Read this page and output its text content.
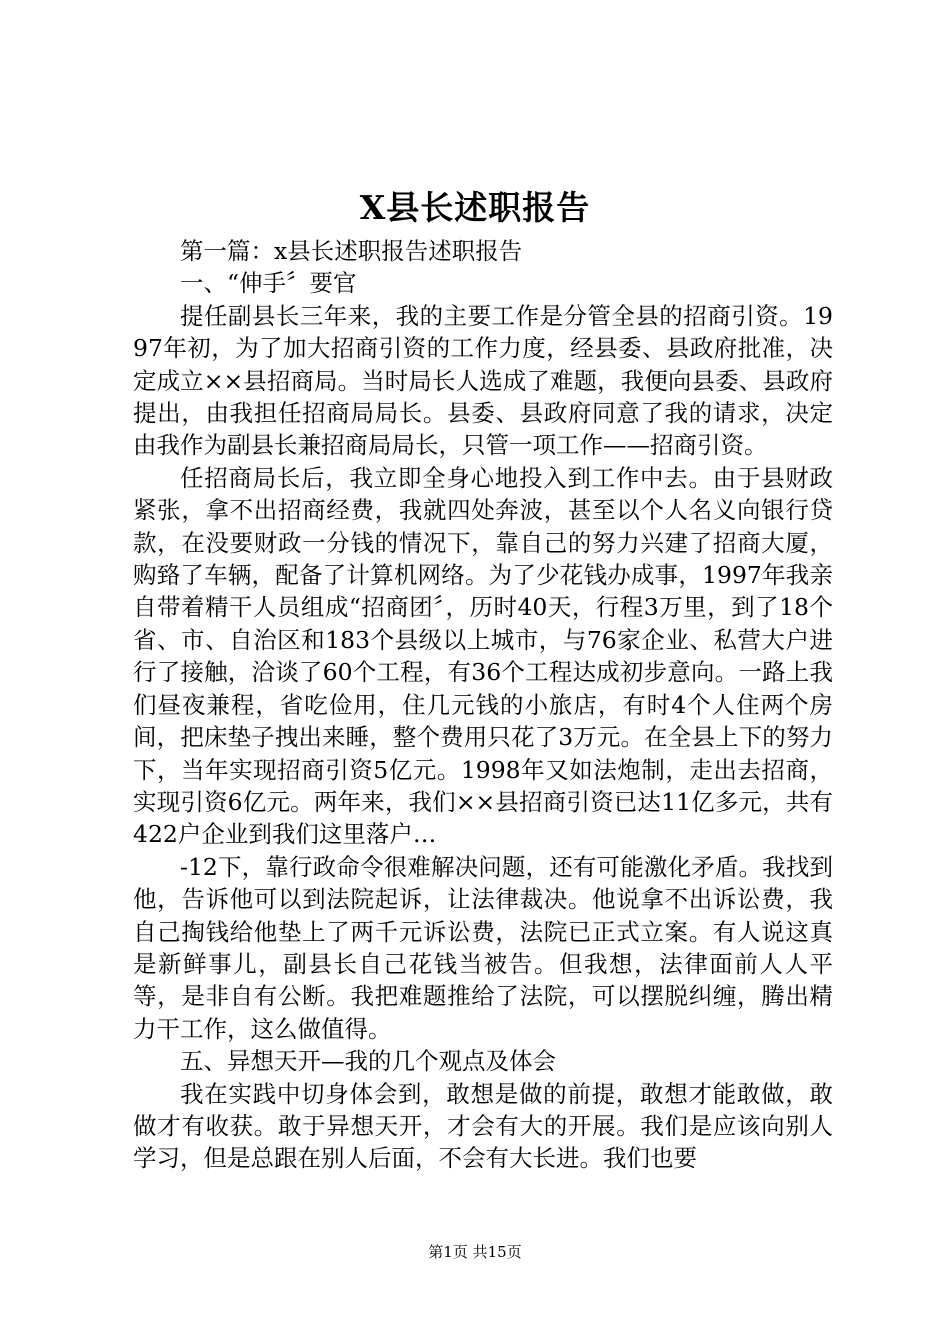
X县长述职报告

第一篇：x县长述职报告述职报告

一、“伸手〞要官

提任副县长三年来，我的主要工作是分管全县的招商引资。1997年初，为了加大招商引资的工作力度，经县委、县政府批准，决定成立××县招商局。当时局长人选成了难题，我便向县委、县政府提出，由我担任招商局局长。县委、县政府同意了我的请求，决定由我作为副县长兼招商局局长，只管一项工作——招商引资。

任招商局长后，我立即全身心地投入到工作中去。由于县财政紧张，拿不出招商经费，我就四处奔波，甚至以个人名义向银行贷款，在没要财政一分钱的情况下，靠自己的努力兴建了招商大厦，购臵了车辆，配备了计算机网络。为了少花钱办成事，1997年我亲自带着精干人员组成“招商团〞，历时40天，行程3万里，到了18个省、市、自治区和183个县级以上城市，与76家企业、私营大户进行了接触，洽谈了60个工程，有36个工程达成初步意向。一路上我们昼夜兼程，省吃俭用，住几元钱的小旅店，有时4个人住两个房间，把床垫子拽出来睡，整个费用只花了3万元。在全县上下的努力下，当年实现招商引资5亿元。1998年又如法炮制，走出去招商，实现引资6亿元。两年来，我们××县招商引资已达11亿多元，共有422户企业到我们这里落户…

-12下，靠行政命令很难解决问题，还有可能激化矛盾。我找到他，告诉他可以到法院起诉，让法律裁决。他说拿不出诉讼费，我自己掏钱给他垫上了两千元诉讼费，法院已正式立案。有人说这真是新鲜事儿，副县长自己花钱当被告。但我想，法律面前人人平等，是非自有公断。我把难题推给了法院，可以摆脱纠缠，腾出精力干工作，这么做值得。

五、异想天开—我的几个观点及体会

我在实践中切身体会到，敢想是做的前提，敢想才能敢做，敢做才有收获。敢于异想天开，才会有大的开展。我们是应该向别人学习，但是总跟在别人后面，不会有大长进。我们也要

第1页 共15页
